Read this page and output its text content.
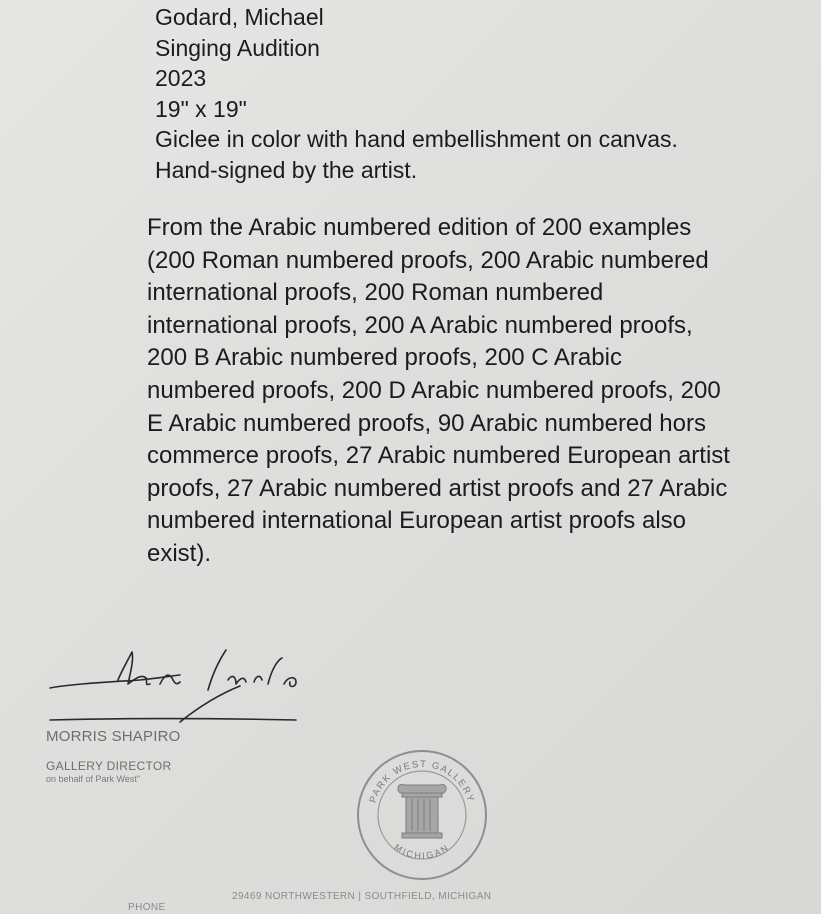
Godard, Michael
Singing Audition
2023
19" x 19"
Giclee in color with hand embellishment on canvas. Hand-signed by the artist.
From the Arabic numbered edition of 200 examples (200 Roman numbered proofs, 200 Arabic numbered international proofs, 200 Roman numbered international proofs, 200 A Arabic numbered proofs, 200 B Arabic numbered proofs, 200 C Arabic numbered proofs, 200 D Arabic numbered proofs, 200 E Arabic numbered proofs, 90 Arabic numbered hors commerce proofs, 27 Arabic numbered European artist proofs, 27 Arabic numbered artist proofs and 27 Arabic numbered international European artist proofs also exist).
MORRIS SHAPIRO
GALLERY DIRECTOR
on behalf of Park West"
PARK WEST GALLERY
MICHIGAN
29469 NORTHWESTERN | SOUTHFIELD, MICHIGAN
PHONE
